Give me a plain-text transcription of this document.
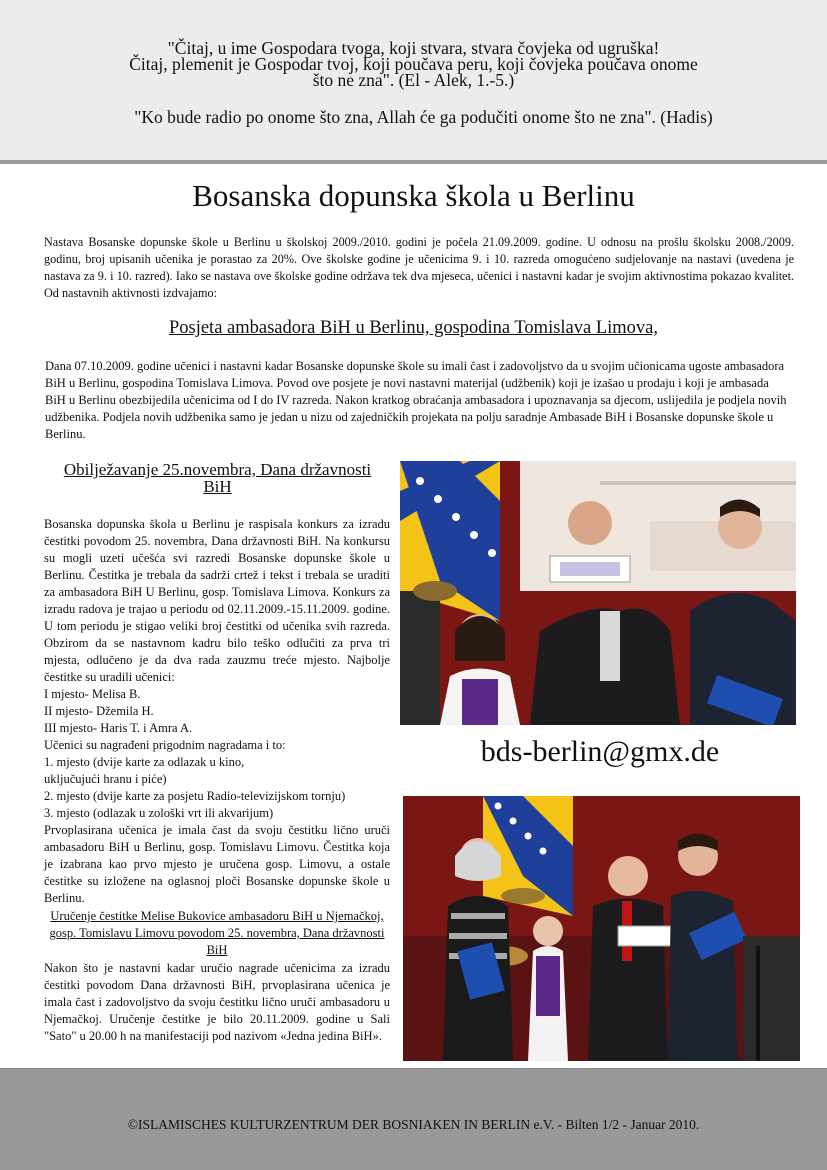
"Čitaj, u ime Gospodara tvoga, koji stvara, stvara čovjeka od ugruška!
Čitaj, plemenit je Gospodar tvoj, koji poučava peru, koji čovjeka poučava onome
što ne zna". (El - Alek, 1.-5.)
"Ko bude radio po onome što zna, Allah će ga podučiti onome što ne zna". (Hadis)
Bosanska dopunska škola u Berlinu
Nastava Bosanske dopunske škole u Berlinu u školskoj 2009./2010. godini je počela 21.09.2009. godine. U odnosu na prošlu školsku 2008./2009. godinu, broj upisanih učenika je porastao za 20%. Ove školske godine je učenicima 9. i 10. razreda omogućeno sudjelovanje na nastavi (uvedena je nastava za 9. i 10. razred). Iako se nastava ove školske godine održava tek dva mjeseca, učenici i nastavni kadar je svojim aktivnostima pokazao kvalitet. Od nastavnih aktivnosti izdvajamo:
Posjeta ambasadora BiH u Berlinu, gospodina Tomislava Limova,
Dana 07.10.2009. godine učenici i nastavni kadar Bosanske dopunske škole su imali čast i zadovoljstvo da u svojim učionicama ugoste ambasadora BiH u Berlinu, gospodina Tomislava Limova. Povod ove posjete je novi nastavni materijal (udžbenik) koji je izašao u prodaju i koji je ambasada BiH u Berlinu obezbijedila učenicima od I do IV razreda. Nakon kratkog obraćanja ambasadora i upoznavanja sa djecom, uslijedila je podjela novih udžbenika. Podjela novih udžbenika samo je jedan u nizu od zajedničkih projekata na polju saradnje Ambasade BiH i Bosanske dopunske škole u Berlinu.
Obilježavanje 25.novembra, Dana državnosti BiH
Bosanska dopunska škola u Berlinu je raspisala konkurs za izradu čestitki povodom 25. novembra, Dana državnosti BiH. Na konkursu su mogli uzeti učešća svi razredi Bosanske dopunske škole u Berlinu. Čestitka je trebala da sadrži crtež i tekst i trebala se uraditi za ambasadora BiH U Berlinu, gosp. Tomislava Limova. Konkurs za izradu radova je trajao u periodu od 02.11.2009.-15.11.2009. godine. U tom periodu je stigao veliki broj čestitki od učenika svih razreda. Obzirom da se nastavnom kadru bilo teško odlučiti za prva tri mjesta, odlučeno je da dva rada zauzmu treće mjesto. Najbolje čestitke su uradili učenici:
I mjesto- Melisa B.
II mjesto- Džemila H.
III mjesto- Haris T. i Amra A.
Učenici su nagrađeni prigodnim nagradama i to:
1. mjesto (dvije karte za odlazak u kino,
uključujući hranu i piće)
2. mjesto (dvije karte za posjetu Radio-televizijskom tornju)
3. mjesto (odlazak u zološki vrt ili akvarijum)
Prvoplasirana učenica je imala čast da svoju čestitku lično uruči ambasadoru BiH u Berlinu, gosp. Tomislavu Limovu. Čestitka koja je izabrana kao prvo mjesto je uručena gosp. Limovu, a ostale čestitke su izložene na oglasnoj ploči Bosanske dopunske škole u Berlinu.
Uručenje čestitke Melise Bukovice ambasadoru BiH u Njemačkoj, gosp. Tomislavu Limovu povodom 25. novembra, Dana državnosti BiH
Nakon što je nastavni kadar uručio nagrade učenicima za izradu čestitki povodom Dana državnosti BiH, prvoplasirana učenica je imala čast i zadovoljstvo da svoju čestitku lično uruči ambasadoru u Njemačkoj. Uručenje čestitke je bilo 20.11.2009. godine u Sali "Sato" u 20.00 h na manifestaciji pod nazivom «Jedna jedina BiH».
bds-berlin@gmx.de
©ISLAMISCHES KULTURZENTRUM DER BOSNIAKEN IN BERLIN e.V. - Bilten 1/2 - Januar 2010.
